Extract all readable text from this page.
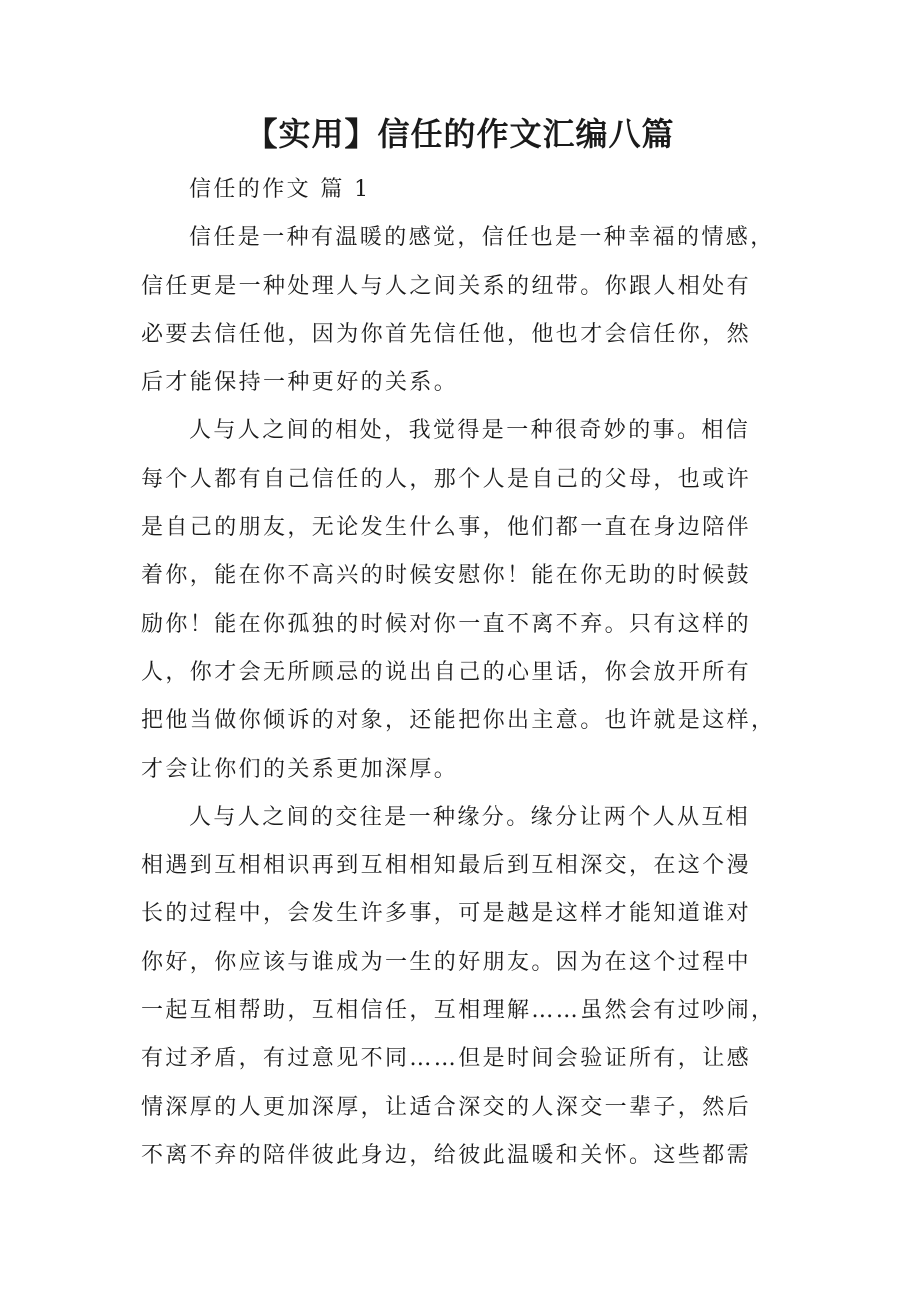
【实用】信任的作文汇编八篇
信任的作文 篇 1

信任是一种有温暖的感觉，信任也是一种幸福的情感，
信任更是一种处理人与人之间关系的纽带。你跟人相处有
必要去信任他，因为你首先信任他，他也才会信任你，然
后才能保持一种更好的关系。

人与人之间的相处，我觉得是一种很奇妙的事。相信
每个人都有自己信任的人，那个人是自己的父母，也或许
是自己的朋友，无论发生什么事，他们都一直在身边陪伴
着你，能在你不高兴的时候安慰你！能在你无助的时候鼓
励你！能在你孤独的时候对你一直不离不弃。只有这样的
人，你才会无所顾忌的说出自己的心里话，你会放开所有
把他当做你倾诉的对象，还能把你出主意。也许就是这样，
才会让你们的关系更加深厚。

人与人之间的交往是一种缘分。缘分让两个人从互相
相遇到互相相识再到互相相知最后到互相深交，在这个漫
长的过程中，会发生许多事，可是越是这样才能知道谁对
你好，你应该与谁成为一生的好朋友。因为在这个过程中
一起互相帮助，互相信任，互相理解……虽然会有过吵闹，
有过矛盾，有过意见不同……但是时间会验证所有，让感
情深厚的人更加深厚，让适合深交的人深交一辈子，然后
不离不弃的陪伴彼此身边，给彼此温暖和关怀。这些都需
